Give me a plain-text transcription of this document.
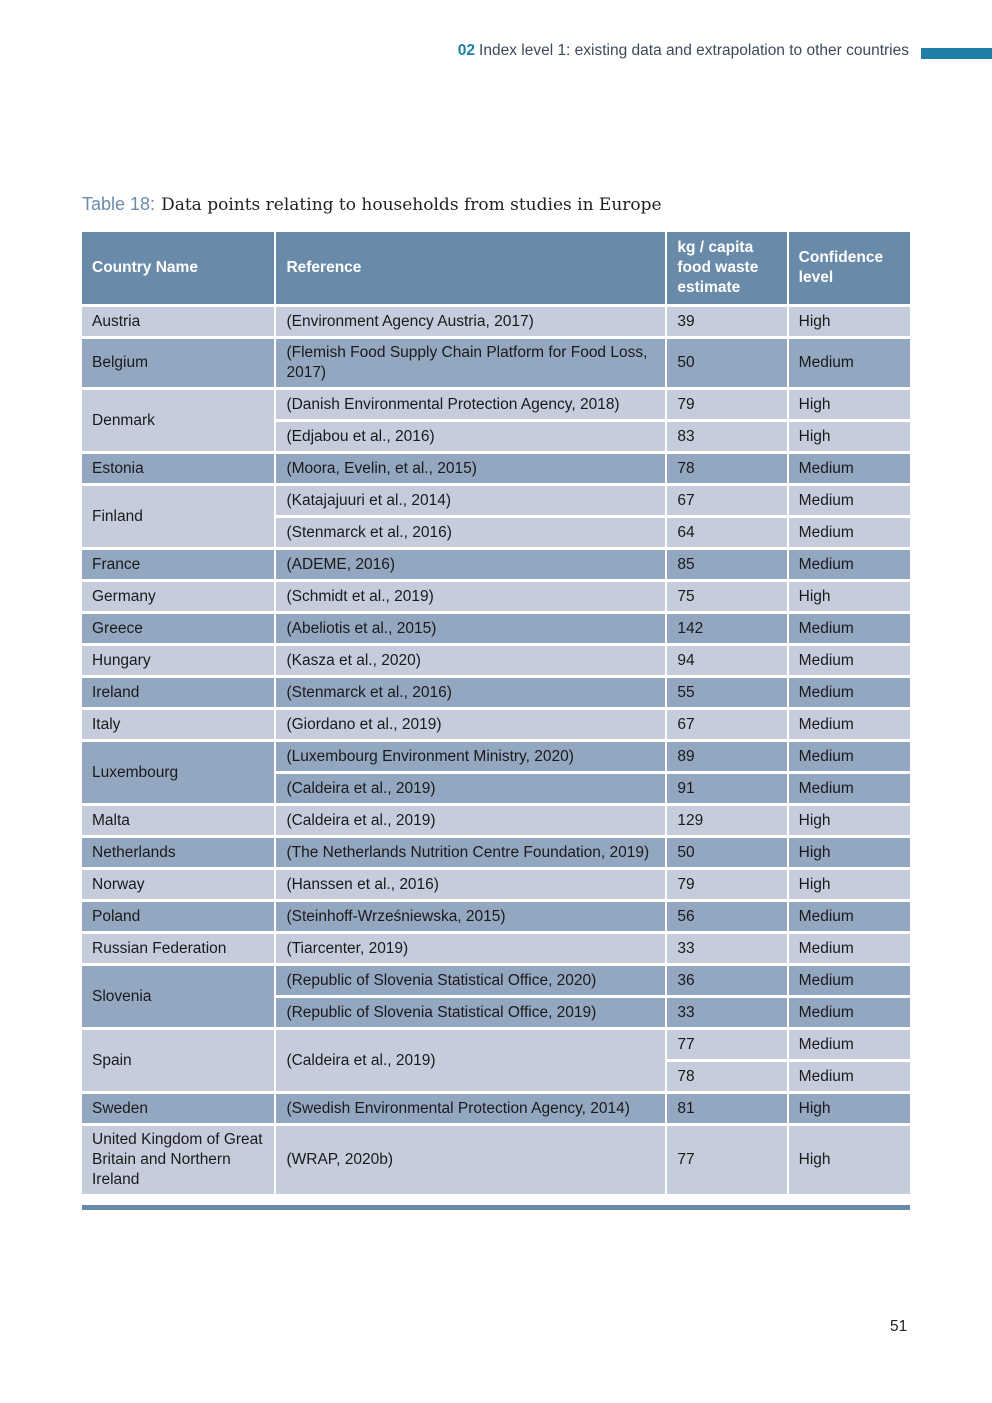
02 Index level 1: existing data and extrapolation to other countries
Table 18: Data points relating to households from studies in Europe
Country Name	Reference	kg / capita food waste estimate	Confidence level
Austria	(Environment Agency Austria, 2017)	39	High
Belgium	(Flemish Food Supply Chain Platform for Food Loss, 2017)	50	Medium
Denmark	(Danish Environmental Protection Agency, 2018)	79	High
	(Edjabou et al., 2016)	83	High
Estonia	(Moora, Evelin, et al., 2015)	78	Medium
Finland	(Katajajuuri et al., 2014)	67	Medium
	(Stenmarck et al., 2016)	64	Medium
France	(ADEME, 2016)	85	Medium
Germany	(Schmidt et al., 2019)	75	High
Greece	(Abeliotis et al., 2015)	142	Medium
Hungary	(Kasza et al., 2020)	94	Medium
Ireland	(Stenmarck et al., 2016)	55	Medium
Italy	(Giordano et al., 2019)	67	Medium
Luxembourg	(Luxembourg Environment Ministry, 2020)	89	Medium
	(Caldeira et al., 2019)	91	Medium
Malta	(Caldeira et al., 2019)	129	High
Netherlands	(The Netherlands Nutrition Centre Foundation, 2019)	50	High
Norway	(Hanssen et al., 2016)	79	High
Poland	(Steinhoff-Wrześniewska, 2015)	56	Medium
Russian Federation	(Tiarcenter, 2019)	33	Medium
Slovenia	(Republic of Slovenia Statistical Office, 2020)	36	Medium
	(Republic of Slovenia Statistical Office, 2019)	33	Medium
Spain	(Caldeira et al., 2019)	77	Medium
		78	Medium
Sweden	(Swedish Environmental Protection Agency, 2014)	81	High
United Kingdom of Great Britain and Northern Ireland	(WRAP, 2020b)	77	High
51
